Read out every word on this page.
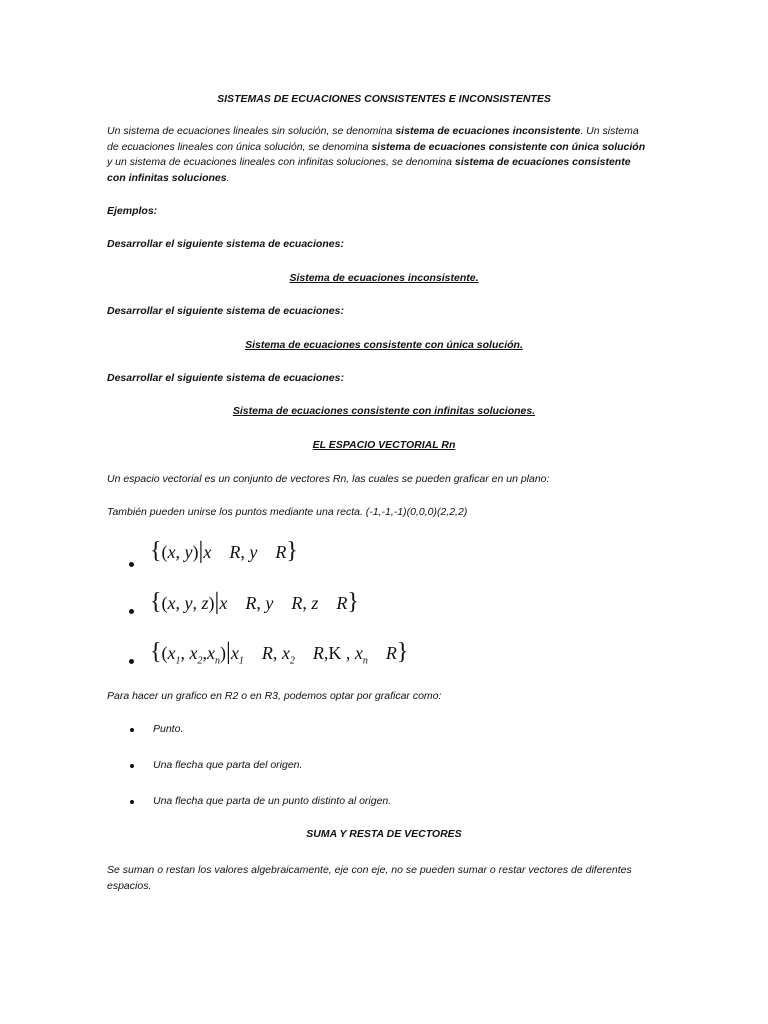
SISTEMAS DE ECUACIONES CONSISTENTES E INCONSISTENTES
Un sistema de ecuaciones lineales sin solución, se denomina sistema de ecuaciones inconsistente. Un sistema de ecuaciones lineales con única solución, se denomina sistema de ecuaciones consistente con única solución y un sistema de ecuaciones lineales con infinitas soluciones, se denomina sistema de ecuaciones consistente con infinitas soluciones.
Ejemplos:
Desarrollar el siguiente sistema de ecuaciones:
Sistema de ecuaciones inconsistente.
Desarrollar el siguiente sistema de ecuaciones:
Sistema de ecuaciones consistente con única solución.
Desarrollar el siguiente sistema de ecuaciones:
Sistema de ecuaciones consistente con infinitas soluciones.
EL ESPACIO VECTORIAL Rn
Un espacio vectorial es un conjunto de vectores Rn, las cuales se pueden graficar en un plano:
También pueden unirse los puntos mediante una recta. (-1,-1,-1)(0,0,0)(2,2,2)
{(x, y)|x R, y R}
{(x, y, z)|x R, y R, z R}
{($x_1$, $x_2,x_n)|x_1$ R, $x_2$ R,K , $x_n$ R}
Para hacer un grafico en R2 o en R3, podemos optar por graficar como:
Punto.
Una flecha que parta del origen.
Una flecha que parta de un punto distinto al origen.
SUMA Y RESTA DE VECTORES
Se suman o restan los valores algebraicamente, eje con eje, no se pueden sumar o restar vectores de diferentes espacios.
